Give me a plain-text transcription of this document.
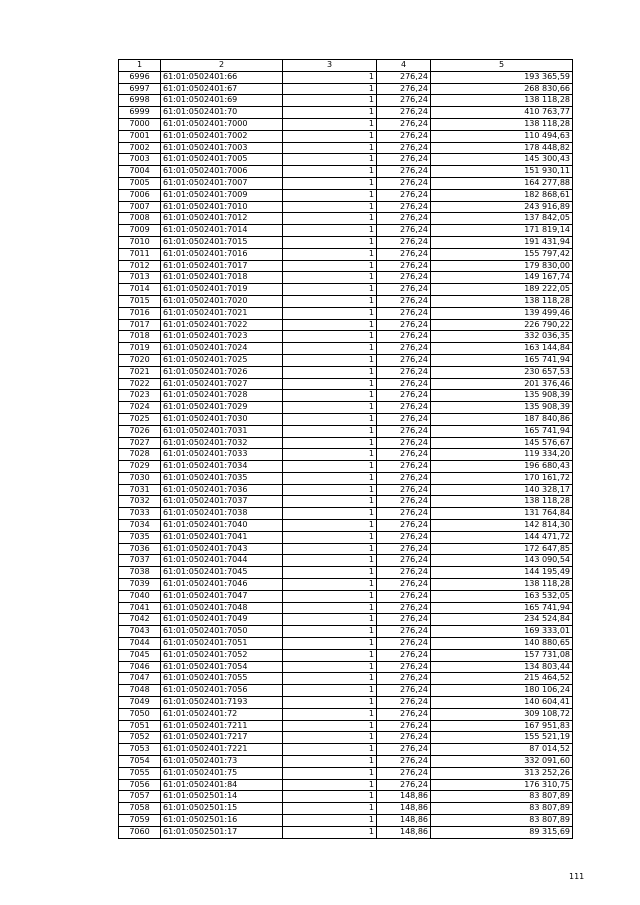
1	2	3	4	5
6996	61:01:0502401:66	1	276,24	193 365,59
6997	61:01:0502401:67	1	276,24	268 830,66
6998	61:01:0502401:69	1	276,24	138 118,28
6999	61:01:0502401:70	1	276,24	410 763,77
7000	61:01:0502401:7000	1	276,24	138 118,28
7001	61:01:0502401:7002	1	276,24	110 494,63
7002	61:01:0502401:7003	1	276,24	178 448,82
7003	61:01:0502401:7005	1	276,24	145 300,43
7004	61:01:0502401:7006	1	276,24	151 930,11
7005	61:01:0502401:7007	1	276,24	164 277,88
7006	61:01:0502401:7009	1	276,24	182 868,61
7007	61:01:0502401:7010	1	276,24	243 916,89
7008	61:01:0502401:7012	1	276,24	137 842,05
7009	61:01:0502401:7014	1	276,24	171 819,14
7010	61:01:0502401:7015	1	276,24	191 431,94
7011	61:01:0502401:7016	1	276,24	155 797,42
7012	61:01:0502401:7017	1	276,24	179 830,00
7013	61:01:0502401:7018	1	276,24	149 167,74
7014	61:01:0502401:7019	1	276,24	189 222,05
7015	61:01:0502401:7020	1	276,24	138 118,28
7016	61:01:0502401:7021	1	276,24	139 499,46
7017	61:01:0502401:7022	1	276,24	226 790,22
7018	61:01:0502401:7023	1	276,24	332 036,35
7019	61:01:0502401:7024	1	276,24	163 144,84
7020	61:01:0502401:7025	1	276,24	165 741,94
7021	61:01:0502401:7026	1	276,24	230 657,53
7022	61:01:0502401:7027	1	276,24	201 376,46
7023	61:01:0502401:7028	1	276,24	135 908,39
7024	61:01:0502401:7029	1	276,24	135 908,39
7025	61:01:0502401:7030	1	276,24	187 840,86
7026	61:01:0502401:7031	1	276,24	165 741,94
7027	61:01:0502401:7032	1	276,24	145 576,67
7028	61:01:0502401:7033	1	276,24	119 334,20
7029	61:01:0502401:7034	1	276,24	196 680,43
7030	61:01:0502401:7035	1	276,24	170 161,72
7031	61:01:0502401:7036	1	276,24	140 328,17
7032	61:01:0502401:7037	1	276,24	138 118,28
7033	61:01:0502401:7038	1	276,24	131 764,84
7034	61:01:0502401:7040	1	276,24	142 814,30
7035	61:01:0502401:7041	1	276,24	144 471,72
7036	61:01:0502401:7043	1	276,24	172 647,85
7037	61:01:0502401:7044	1	276,24	143 090,54
7038	61:01:0502401:7045	1	276,24	144 195,49
7039	61:01:0502401:7046	1	276,24	138 118,28
7040	61:01:0502401:7047	1	276,24	163 532,05
7041	61:01:0502401:7048	1	276,24	165 741,94
7042	61:01:0502401:7049	1	276,24	234 524,84
7043	61:01:0502401:7050	1	276,24	169 333,01
7044	61:01:0502401:7051	1	276,24	140 880,65
7045	61:01:0502401:7052	1	276,24	157 731,08
7046	61:01:0502401:7054	1	276,24	134 803,44
7047	61:01:0502401:7055	1	276,24	215 464,52
7048	61:01:0502401:7056	1	276,24	180 106,24
7049	61:01:0502401:7193	1	276,24	140 604,41
7050	61:01:0502401:72	1	276,24	309 108,72
7051	61:01:0502401:7211	1	276,24	167 951,83
7052	61:01:0502401:7217	1	276,24	155 521,19
7053	61:01:0502401:7221	1	276,24	87 014,52
7054	61:01:0502401:73	1	276,24	332 091,60
7055	61:01:0502401:75	1	276,24	313 252,26
7056	61:01:0502401:84	1	276,24	176 310,75
7057	61:01:0502501:14	1	148,86	83 807,89
7058	61:01:0502501:15	1	148,86	83 807,89
7059	61:01:0502501:16	1	148,86	83 807,89
7060	61:01:0502501:17	1	148,86	89 315,69
111
